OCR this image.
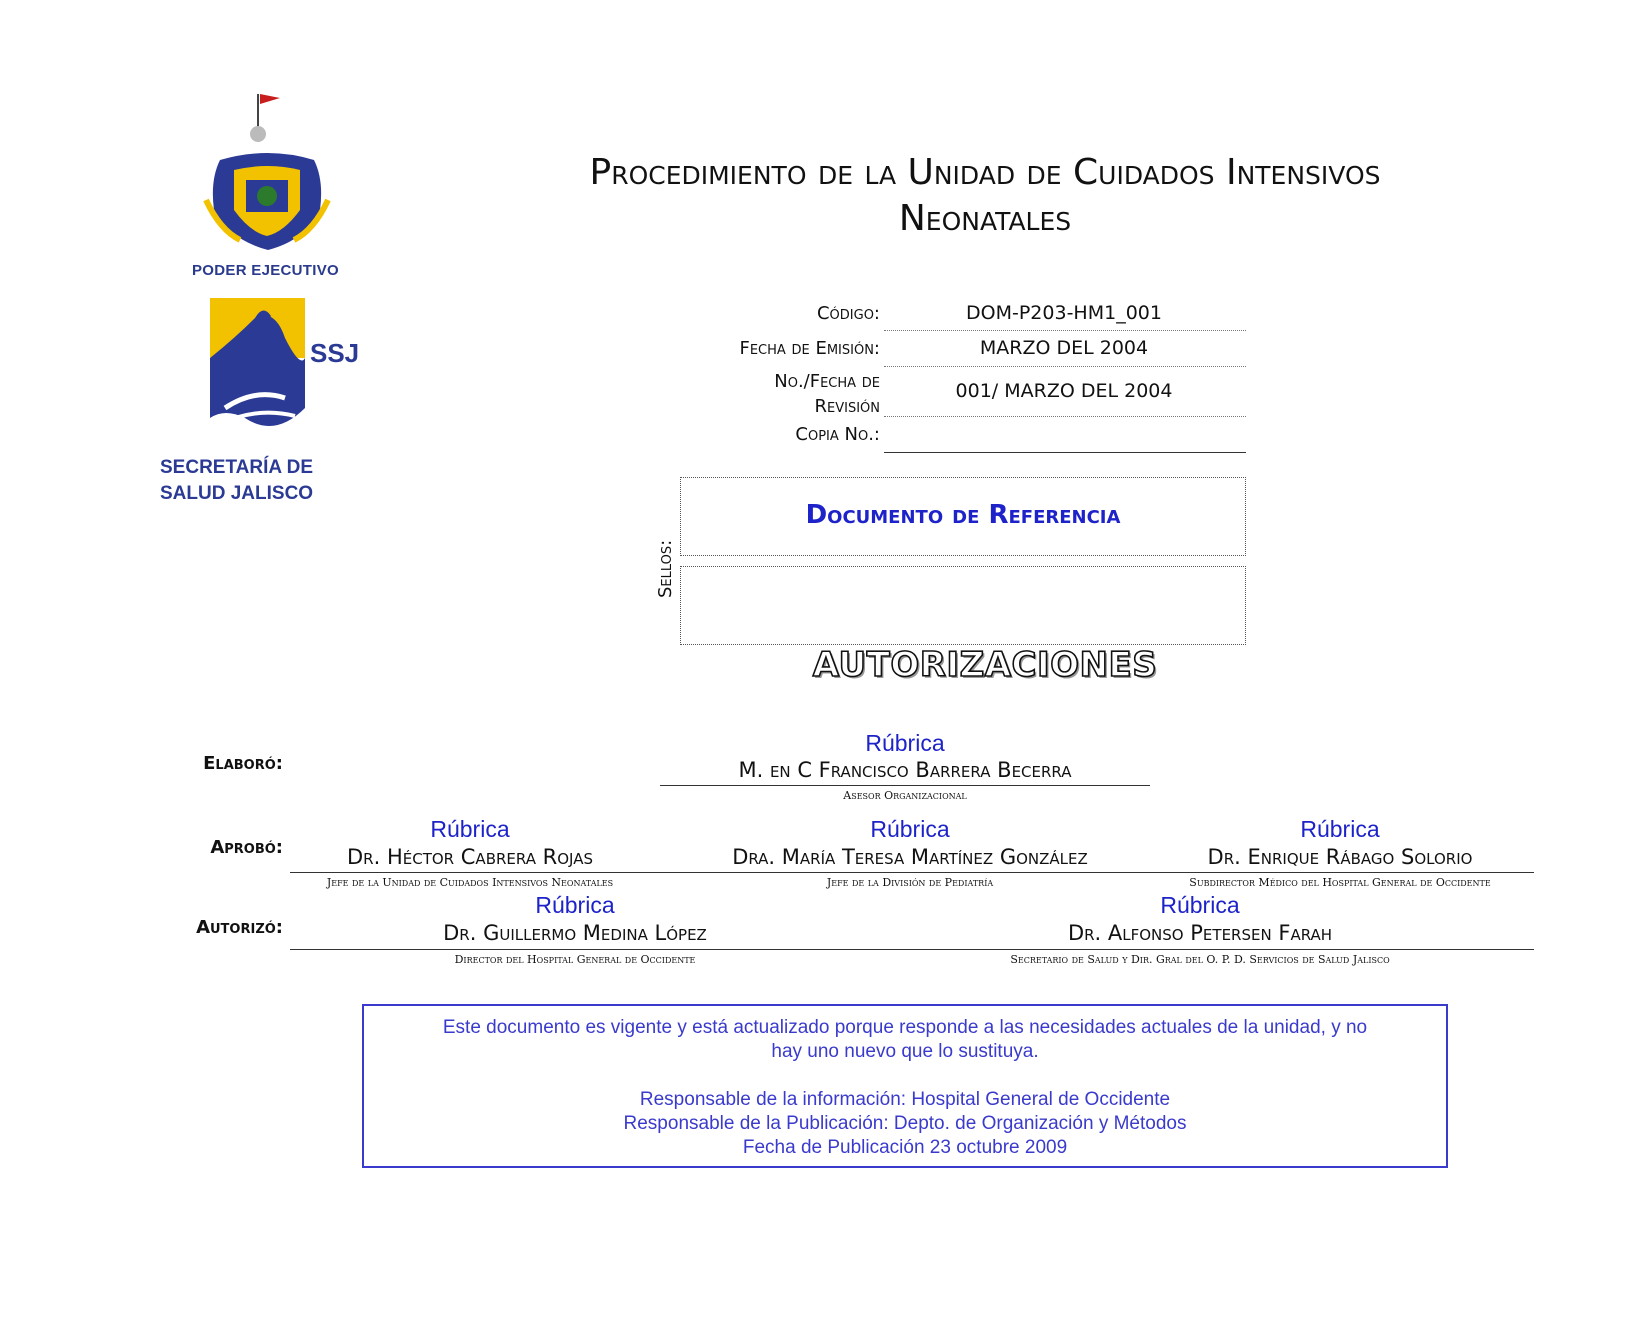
Procedimiento de la Unidad de Cuidados Intensivos
Neonatales
PODER EJECUTIVO
SSJ
SECRETARÍA DE
SALUD JALISCO
Código:	DOM-P203-HM1_001
Fecha de Emisión:	MARZO DEL 2004
No./Fecha de
Revisión
001/ MARZO DEL 2004
Copia No.:
Sellos:
Documento de Referencia
AUTORIZACIONES
Elaboró:
Rúbrica
M. en C Francisco Barrera Becerra
Asesor Organizacional
Aprobó:
Rúbrica
Dr. Héctor Cabrera Rojas
Jefe de la Unidad de Cuidados Intensivos Neonatales
Rúbrica
Dra. María Teresa Martínez González
Jefe de la División de Pediatría
Rúbrica
Dr. Enrique Rábago Solorio
Subdirector Médico del Hospital General de Occidente
Autorizó:
Rúbrica
Dr. Guillermo Medina López
Director del Hospital General de Occidente
Rúbrica
Dr. Alfonso Petersen Farah
Secretario de Salud y Dir. Gral del O. P. D. Servicios de Salud Jalisco

Este documento es vigente y está actualizado porque responde a las necesidades actuales de la unidad, y no

hay uno nuevo que lo sustituya.

Responsable de la información: Hospital General de Occidente

Responsable de la Publicación: Depto. de Organización y Métodos

Fecha de Publicación 23 octubre 2009
